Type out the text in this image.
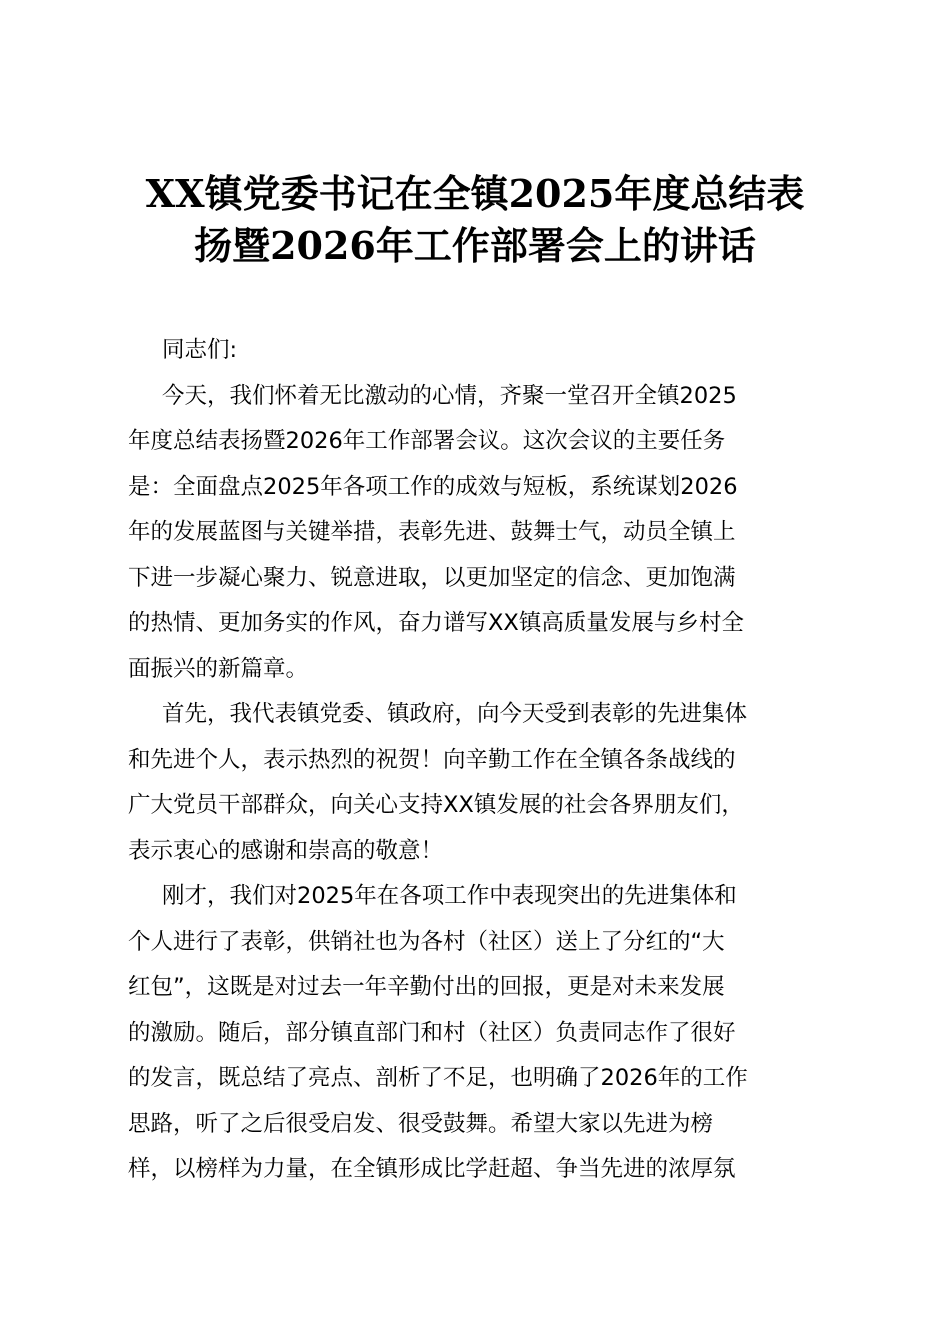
XX镇党委书记在全镇2025年度总结表
扬暨2026年工作部署会上的讲话
同志们:
今天，我们怀着无比激动的心情，齐聚一堂召开全镇2025
年度总结表扬暨2026年工作部署会议。这次会议的主要任务
是：全面盘点2025年各项工作的成效与短板，系统谋划2026
年的发展蓝图与关键举措，表彰先进、鼓舞士气，动员全镇上
下进一步凝心聚力、锐意进取，以更加坚定的信念、更加饱满
的热情、更加务实的作风，奋力谱写XX镇高质量发展与乡村全
面振兴的新篇章。
首先，我代表镇党委、镇政府，向今天受到表彰的先进集体
和先进个人，表示热烈的祝贺！向辛勤工作在全镇各条战线的
广大党员干部群众，向关心支持XX镇发展的社会各界朋友们，
表示衷心的感谢和崇高的敬意！
刚才，我们对2025年在各项工作中表现突出的先进集体和
个人进行了表彰，供销社也为各村（社区）送上了分红的“大
红包”，这既是对过去一年辛勤付出的回报，更是对未来发展
的激励。随后，部分镇直部门和村（社区）负责同志作了很好
的发言，既总结了亮点、剖析了不足，也明确了2026年的工作
思路，听了之后很受启发、很受鼓舞。希望大家以先进为榜
样，以榜样为力量，在全镇形成比学赶超、争当先进的浓厚氛
